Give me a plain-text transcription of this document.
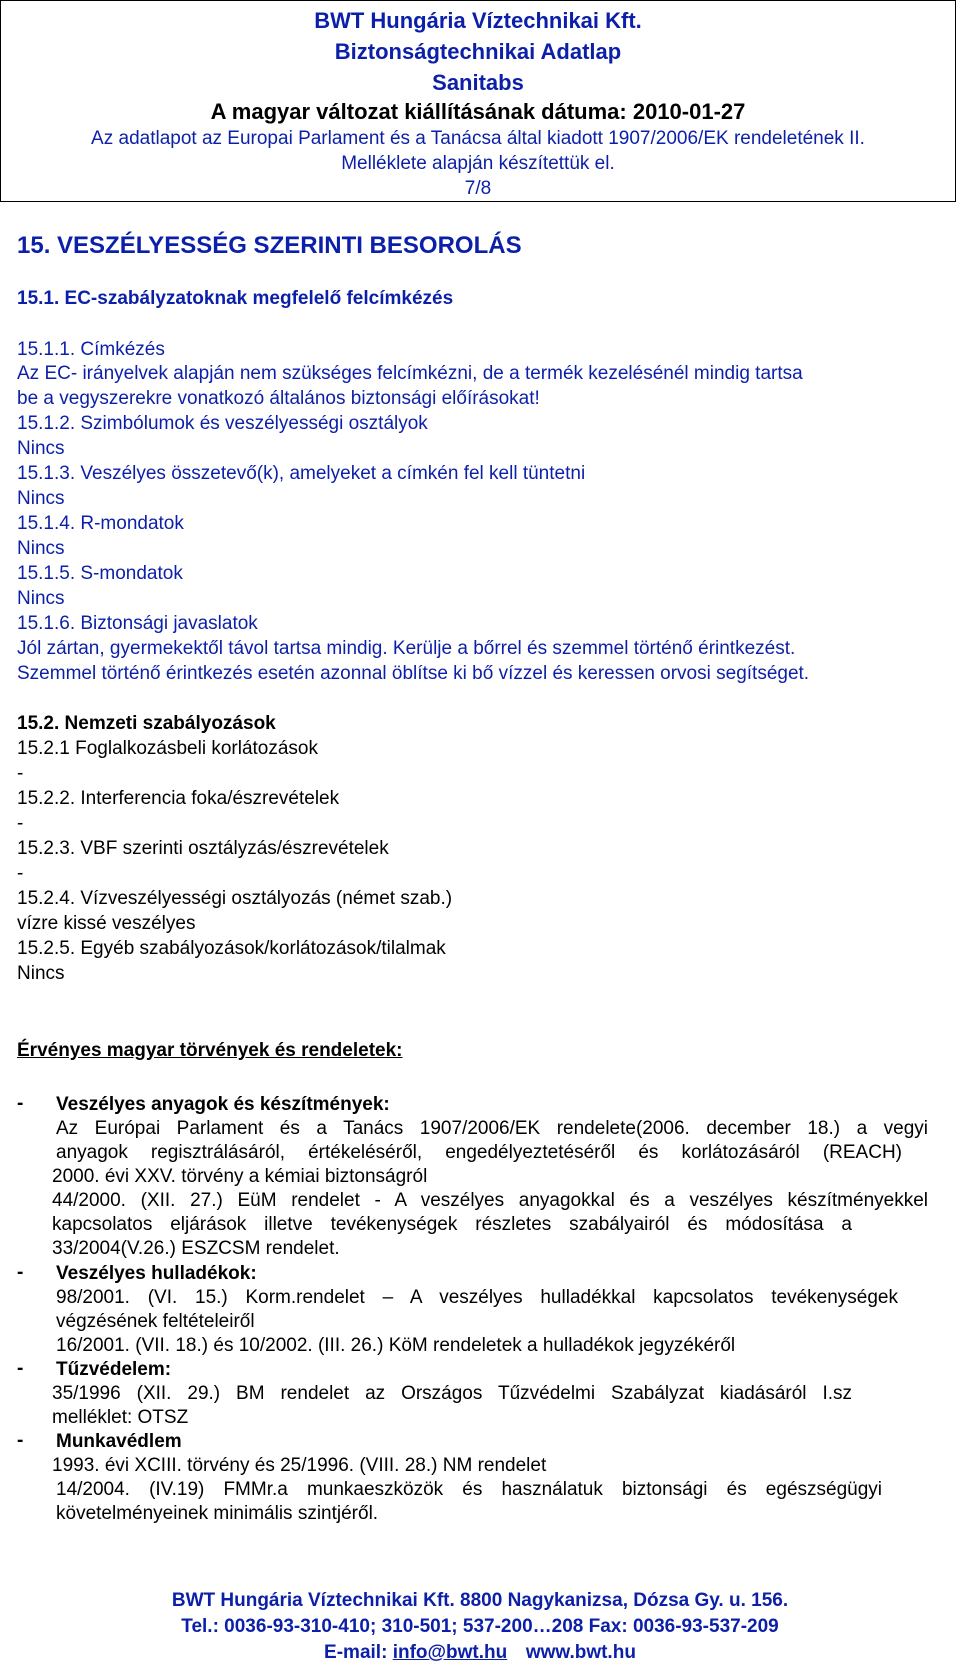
BWT Hungária Víztechnikai Kft.
Biztonságtechnikai Adatlap
Sanitabs
A magyar változat kiállításának dátuma: 2010-01-27
Az adatlapot az Europai Parlament és a Tanácsa által kiadott 1907/2006/EK rendeletének II.
Melléklete alapján készítettük el.
7/8
15. VESZÉLYESSÉG SZERINTI BESOROLÁS
15.1. EC-szabályzatoknak megfelelő felcímkézés
15.1.1. Címkézés
Az EC- irányelvek alapján nem szükséges felcímkézni, de a termék kezelésénél mindig tartsa
be a vegyszerekre vonatkozó általános biztonsági előírásokat!
15.1.2. Szimbólumok és veszélyességi osztályok
Nincs
15.1.3. Veszélyes összetevő(k), amelyeket a címkén fel kell tüntetni
Nincs
15.1.4. R-mondatok
Nincs
15.1.5. S-mondatok
Nincs
15.1.6. Biztonsági javaslatok
Jól zártan, gyermekektől távol tartsa mindig. Kerülje a bőrrel és szemmel történő érintkezést.
Szemmel történő érintkezés esetén azonnal öblítse ki bő vízzel és keressen orvosi segítséget.
15.2. Nemzeti szabályozások
15.2.1 Foglalkozásbeli korlátozások
-
15.2.2. Interferencia foka/észrevételek
-
15.2.3. VBF szerinti osztályzás/észrevételek
-
15.2.4. Vízveszélyességi osztályozás (német szab.)
vízre kissé veszélyes
15.2.5. Egyéb szabályozások/korlátozások/tilalmak
Nincs
Érvényes magyar törvények és rendeletek:
- Veszélyes anyagok és készítmények:
Az Európai Parlament és a Tanács 1907/2006/EK rendelete(2006. december 18.) a vegyi
anyagok regisztrálásáról, értékeléséről, engedélyeztetéséről és korlátozásáról (REACH)
2000. évi XXV. törvény a kémiai biztonságról
44/2000. (XII. 27.) EüM rendelet - A veszélyes anyagokkal és a veszélyes készítményekkel
kapcsolatos eljárások illetve tevékenységek részletes szabályairól és módosítása a
33/2004(V.26.) ESZCSM rendelet.
- Veszélyes hulladékok:
98/2001. (VI. 15.) Korm.rendelet – A veszélyes hulladékkal kapcsolatos tevékenységek
végzésének feltételeiről
16/2001. (VII. 18.) és 10/2002. (III. 26.) KöM rendeletek a hulladékok jegyzékéről
- Tűzvédelem:
35/1996 (XII. 29.) BM rendelet az Országos Tűzvédelmi Szabályzat kiadásáról I.sz
melléklet: OTSZ
- Munkavédlem
1993. évi XCIII. törvény és 25/1996. (VIII. 28.) NM rendelet
14/2004. (IV.19) FMMr.a munkaeszközök és használatuk biztonsági és egészségügyi
követelményeinek minimális szintjéről.
BWT Hungária Víztechnikai Kft. 8800 Nagykanizsa, Dózsa Gy. u. 156.
Tel.: 0036-93-310-410; 310-501; 537-200…208 Fax: 0036-93-537-209
E-mail: info@bwt.hu www.bwt.hu
